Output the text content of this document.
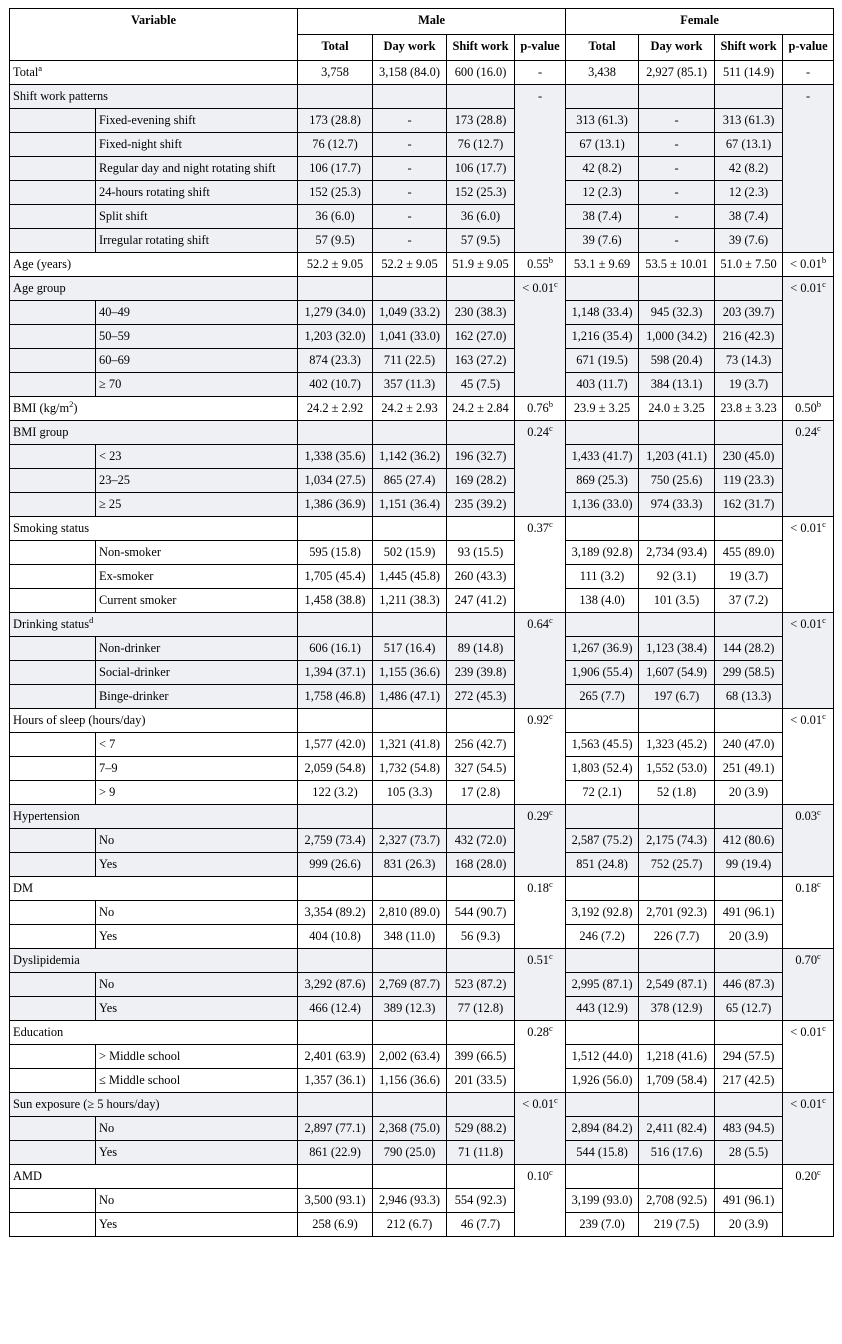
Variable		Male				Female			
		Total	Day work	Shift work	p-value	Total	Day work	Shift work	p-value
Total$^a$		3,758	3,158 (84.0)	600 (16.0)	-	3,438	2,927 (85.1)	511 (14.9)	-
Shift work patterns					-				-
	Fixed-evening shift	173 (28.8)	-	173 (28.8)		313 (61.3)	-	313 (61.3)	
	Fixed-night shift	76 (12.7)	-	76 (12.7)		67 (13.1)	-	67 (13.1)	
	Regular day and night rotating shift	106 (17.7)	-	106 (17.7)		42 (8.2)	-	42 (8.2)	
	24-hours rotating shift	152 (25.3)	-	152 (25.3)		12 (2.3)	-	12 (2.3)	
	Split shift	36 (6.0)	-	36 (6.0)		38 (7.4)	-	38 (7.4)	
	Irregular rotating shift	57 (9.5)	-	57 (9.5)		39 (7.6)	-	39 (7.6)	
Age (years)		52.2 ± 9.05	52.2 ± 9.05	51.9 ± 9.05	0.55$^b$	53.1 ± 9.69	53.5 ± 10.01	51.0 ± 7.50	< 0.01$^b$
Age group					< 0.01$^c$				< 0.01$^c$
	40–49	1,279 (34.0)	1,049 (33.2)	230 (38.3)		1,148 (33.4)	945 (32.3)	203 (39.7)	
	50–59	1,203 (32.0)	1,041 (33.0)	162 (27.0)		1,216 (35.4)	1,000 (34.2)	216 (42.3)	
	60–69	874 (23.3)	711 (22.5)	163 (27.2)		671 (19.5)	598 (20.4)	73 (14.3)	
	≥ 70	402 (10.7)	357 (11.3)	45 (7.5)		403 (11.7)	384 (13.1)	19 (3.7)	
BMI $(kg/m^2)$		24.2 ± 2.92	24.2 ± 2.93	24.2 ± 2.84	0.76$^b$	23.9 ± 3.25	24.0 ± 3.25	23.8 ± 3.23	0.50$^b$
BMI group					0.24$^c$				0.24$^c$
	< 23	1,338 (35.6)	1,142 (36.2)	196 (32.7)		1,433 (41.7)	1,203 (41.1)	230 (45.0)	
	23–25	1,034 (27.5)	865 (27.4)	169 (28.2)		869 (25.3)	750 (25.6)	119 (23.3)	
	≥ 25	1,386 (36.9)	1,151 (36.4)	235 (39.2)		1,136 (33.0)	974 (33.3)	162 (31.7)	
Smoking status					0.37$^c$				< 0.01$^c$
	Non-smoker	595 (15.8)	502 (15.9)	93 (15.5)		3,189 (92.8)	2,734 (93.4)	455 (89.0)	
	Ex-smoker	1,705 (45.4)	1,445 (45.8)	260 (43.3)		111 (3.2)	92 (3.1)	19 (3.7)	
	Current smoker	1,458 (38.8)	1,211 (38.3)	247 (41.2)		138 (4.0)	101 (3.5)	37 (7.2)	
Drinking status$^d$					0.64$^c$				< 0.01$^c$
	Non-drinker	606 (16.1)	517 (16.4)	89 (14.8)		1,267 (36.9)	1,123 (38.4)	144 (28.2)	
	Social-drinker	1,394 (37.1)	1,155 (36.6)	239 (39.8)		1,906 (55.4)	1,607 (54.9)	299 (58.5)	
	Binge-drinker	1,758 (46.8)	1,486 (47.1)	272 (45.3)		265 (7.7)	197 (6.7)	68 (13.3)	
Hours of sleep (hours/day)					0.92$^c$				< 0.01$^c$
	< 7	1,577 (42.0)	1,321 (41.8)	256 (42.7)		1,563 (45.5)	1,323 (45.2)	240 (47.0)	
	7–9	2,059 (54.8)	1,732 (54.8)	327 (54.5)		1,803 (52.4)	1,552 (53.0)	251 (49.1)	
	> 9	122 (3.2)	105 (3.3)	17 (2.8)		72 (2.1)	52 (1.8)	20 (3.9)	
Hypertension					0.29$^c$				0.03$^c$
	No	2,759 (73.4)	2,327 (73.7)	432 (72.0)		2,587 (75.2)	2,175 (74.3)	412 (80.6)	
	Yes	999 (26.6)	831 (26.3)	168 (28.0)		851 (24.8)	752 (25.7)	99 (19.4)	
DM					0.18$^c$				0.18$^c$
	No	3,354 (89.2)	2,810 (89.0)	544 (90.7)		3,192 (92.8)	2,701 (92.3)	491 (96.1)	
	Yes	404 (10.8)	348 (11.0)	56 (9.3)		246 (7.2)	226 (7.7)	20 (3.9)	
Dyslipidemia					0.51$^c$				0.70$^c$
	No	3,292 (87.6)	2,769 (87.7)	523 (87.2)		2,995 (87.1)	2,549 (87.1)	446 (87.3)	
	Yes	466 (12.4)	389 (12.3)	77 (12.8)		443 (12.9)	378 (12.9)	65 (12.7)	
Education					0.28$^c$				< 0.01$^c$
	> Middle school	2,401 (63.9)	2,002 (63.4)	399 (66.5)		1,512 (44.0)	1,218 (41.6)	294 (57.5)	
	≤ Middle school	1,357 (36.1)	1,156 (36.6)	201 (33.5)		1,926 (56.0)	1,709 (58.4)	217 (42.5)	
Sun exposure (≥ 5 hours/day)					< 0.01$^c$				< 0.01$^c$
	No	2,897 (77.1)	2,368 (75.0)	529 (88.2)		2,894 (84.2)	2,411 (82.4)	483 (94.5)	
	Yes	861 (22.9)	790 (25.0)	71 (11.8)		544 (15.8)	516 (17.6)	28 (5.5)	
AMD					0.10$^c$				0.20$^c$
	No	3,500 (93.1)	2,946 (93.3)	554 (92.3)		3,199 (93.0)	2,708 (92.5)	491 (96.1)	
	Yes	258 (6.9)	212 (6.7)	46 (7.7)		239 (7.0)	219 (7.5)	20 (3.9)	
